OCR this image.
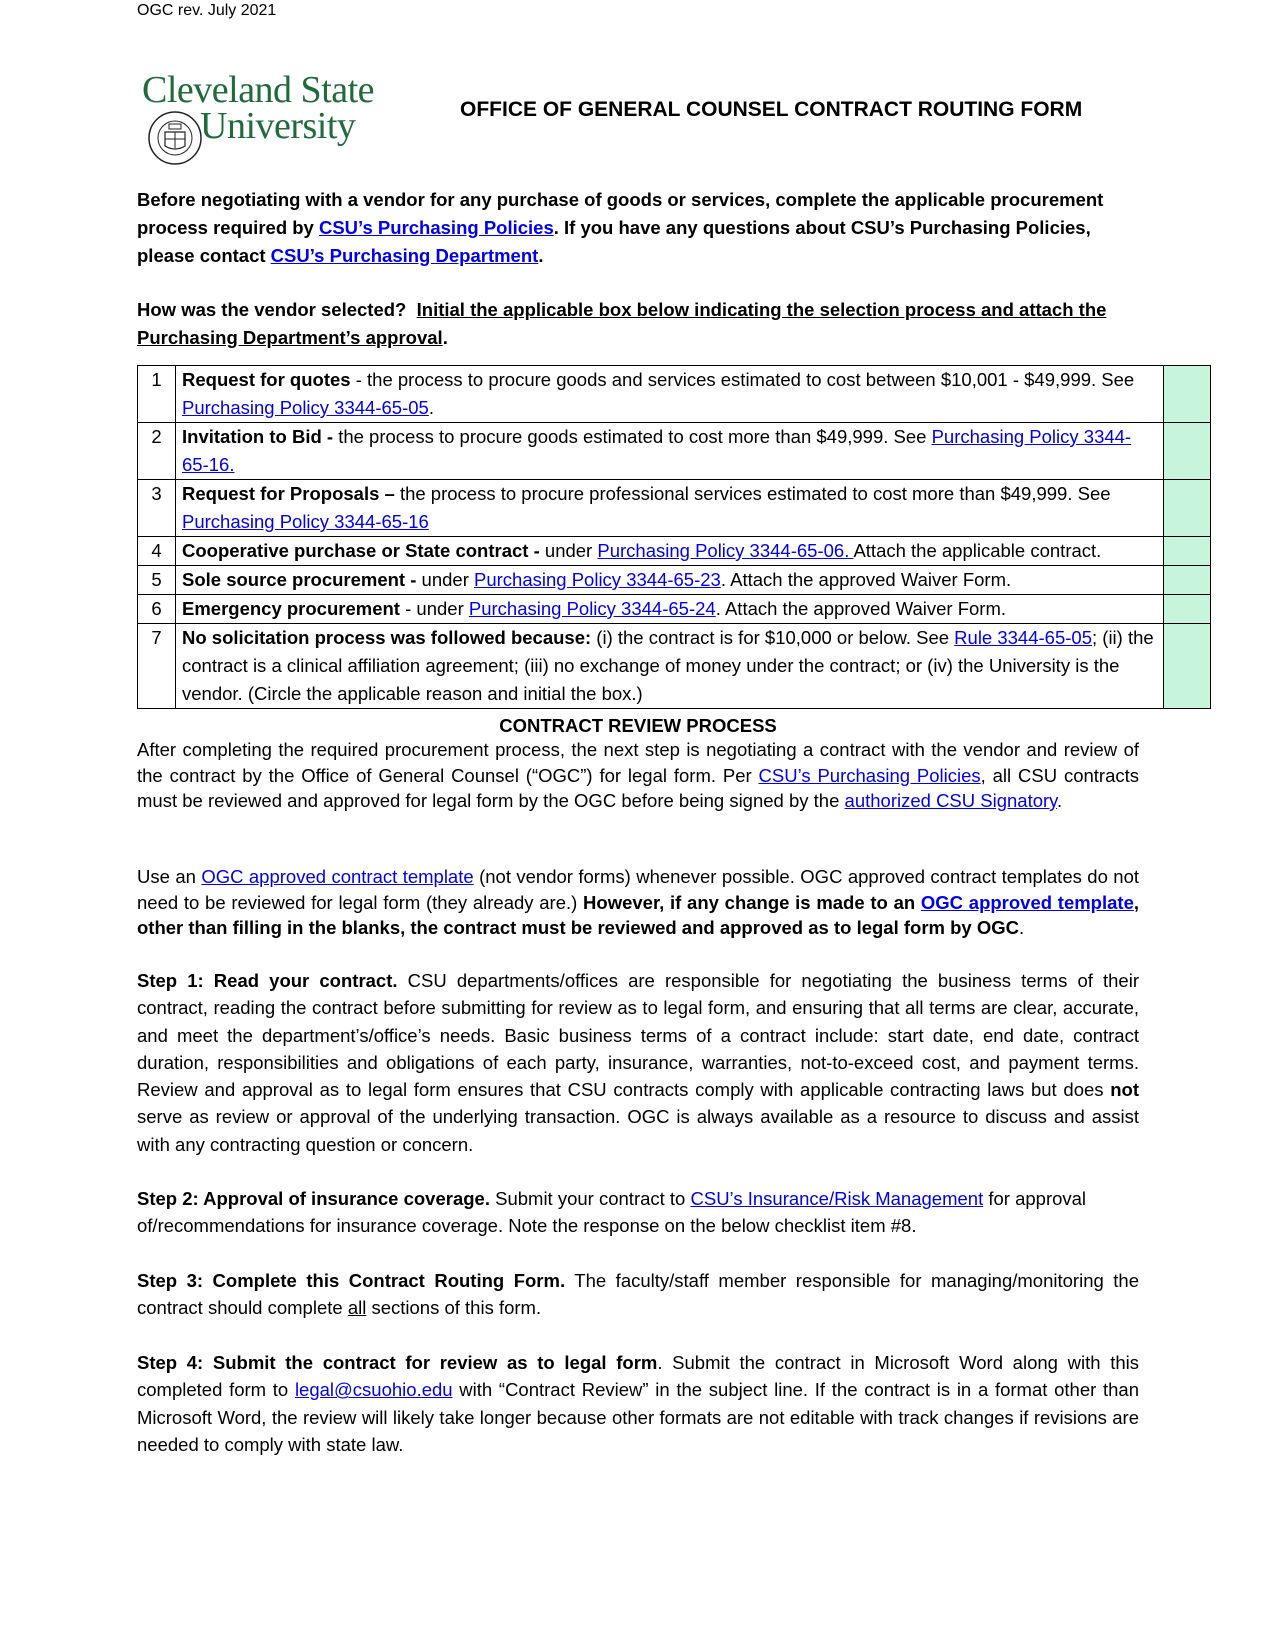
OGC rev. July 2021
Cleveland State
University	OFFICE OF GENERAL COUNSEL CONTRACT ROUTING FORM
Before negotiating with a vendor for any purchase of goods or services, complete the applicable procurement process required by CSU’s Purchasing Policies. If you have any questions about CSU’s Purchasing Policies, please contact CSU’s Purchasing Department.
How was the vendor selected? Initial the applicable box below indicating the selection process and attach the Purchasing Department’s approval.
1	Request for quotes - the process to procure goods and services estimated to cost between $10,001 - $49,999. See Purchasing Policy 3344-65-05.	
2	Invitation to Bid - the process to procure goods estimated to cost more than $49,999. See Purchasing Policy 3344-65-16.	
3	Request for Proposals – the process to procure professional services estimated to cost more than $49,999. See Purchasing Policy 3344-65-16	
4	Cooperative purchase or State contract - under Purchasing Policy 3344-65-06. Attach the applicable contract.	
5	Sole source procurement - under Purchasing Policy 3344-65-23. Attach the approved Waiver Form.	
6	Emergency procurement - under Purchasing Policy 3344-65-24. Attach the approved Waiver Form.	
7	No solicitation process was followed because: (i) the contract is for $10,000 or below. See Rule 3344-65-05; (ii) the contract is a clinical affiliation agreement; (iii) no exchange of money under the contract; or (iv) the University is the vendor. (Circle the applicable reason and initial the box.)	
CONTRACT REVIEW PROCESS
After completing the required procurement process, the next step is negotiating a contract with the vendor and review of the contract by the Office of General Counsel (“OGC”) for legal form. Per CSU’s Purchasing Policies, all CSU contracts must be reviewed and approved for legal form by the OGC before being signed by the authorized CSU Signatory.
Use an OGC approved contract template (not vendor forms) whenever possible. OGC approved contract templates do not need to be reviewed for legal form (they already are.) However, if any change is made to an OGC approved template, other than filling in the blanks, the contract must be reviewed and approved as to legal form by OGC.
Step 1: Read your contract. CSU departments/offices are responsible for negotiating the business terms of their contract, reading the contract before submitting for review as to legal form, and ensuring that all terms are clear, accurate, and meet the department’s/office’s needs. Basic business terms of a contract include: start date, end date, contract duration, responsibilities and obligations of each party, insurance, warranties, not-to-exceed cost, and payment terms. Review and approval as to legal form ensures that CSU contracts comply with applicable contracting laws but does not serve as review or approval of the underlying transaction. OGC is always available as a resource to discuss and assist with any contracting question or concern.
Step 2: Approval of insurance coverage. Submit your contract to CSU’s Insurance/Risk Management for approval of/recommendations for insurance coverage. Note the response on the below checklist item #8.
Step 3: Complete this Contract Routing Form. The faculty/staff member responsible for managing/monitoring the contract should complete all sections of this form.
Step 4: Submit the contract for review as to legal form. Submit the contract in Microsoft Word along with this completed form to legal@csuohio.edu with “Contract Review” in the subject line. If the contract is in a format other than Microsoft Word, the review will likely take longer because other formats are not editable with track changes if revisions are needed to comply with state law.
